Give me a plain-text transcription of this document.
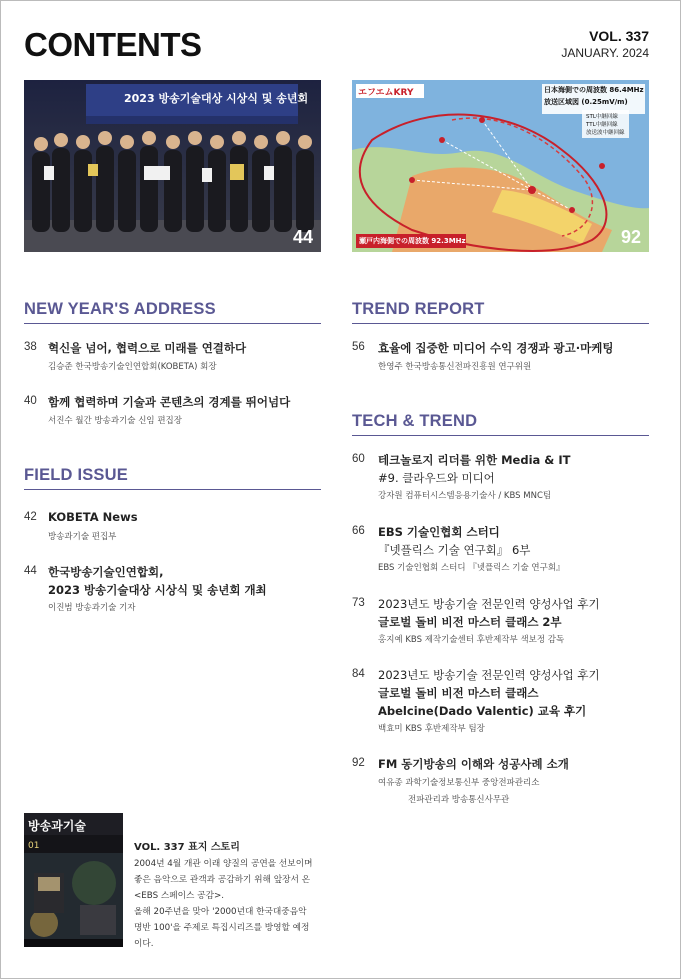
CONTENTS	VOL. 337
JANUARY. 2024
2023 방송기술대상 시상식 및 송년회
44
エフエムKRY	日本海側での周波数 86.4MHz
放送区域図 (0.25mV/m)
STL中継回線
TTL中継回線
放送波中継回線
瀬戸内海側での周波数 92.3MHz	92
NEW YEAR'S ADDRESS
38 혁신을 넘어, 협력으로 미래를 연결하다
김승준 한국방송기술인연합회(KOBETA) 회장
40 함께 협력하며 기술과 콘텐츠의 경계를 뛰어넘다
서진수 월간 방송과기술 신임 편집장
FIELD ISSUE
42 KOBETA News
방송과기술 편집부
44 한국방송기술인연합회,
2023 방송기술대상 시상식 및 송년회 개최
이진범 방송과기술 기자
TREND REPORT
56 효율에 집중한 미디어 수익 경쟁과 광고·마케팅
한영주 한국방송통신전파진흥원 연구위원
TECH & TREND
60 테크놀로지 리더를 위한 Media & IT
#9. 클라우드와 미디어
강자원 컴퓨터시스템응용기술사 / KBS MNC팀
66 EBS 기술인협회 스터디
『넷플릭스 기술 연구회』 6부
EBS 기술인협회 스터디 『넷플릭스 기술 연구회』
73 2023년도 방송기술 전문인력 양성사업 후기
글로벌 돌비 비전 마스터 클래스 2부
홍지예 KBS 제작기술센터 후반제작부 색보정 감독
84 2023년도 방송기술 전문인력 양성사업 후기
글로벌 돌비 비전 마스터 클래스
Abelcine(Dado Valentic) 교육 후기
백효미 KBS 후반제작부 팀장
92 FM 동기방송의 이해와 성공사례 소개
여유종 과학기술정보통신부 중앙전파관리소
전파관리과 방송통신사무관
방송과기술
01	VOL. 337 표지 스토리
2004년 4월 개관 이래 양질의 공연을 선보이며
좋은 음악으로 관객과 공감하기 위해 앞장서 온
<EBS 스페이스 공감>.
올해 20주년을 맞아 '2000년대 한국대중음악
명반 100'을 주제로 특집시리즈를 방영할 예정
이다.
